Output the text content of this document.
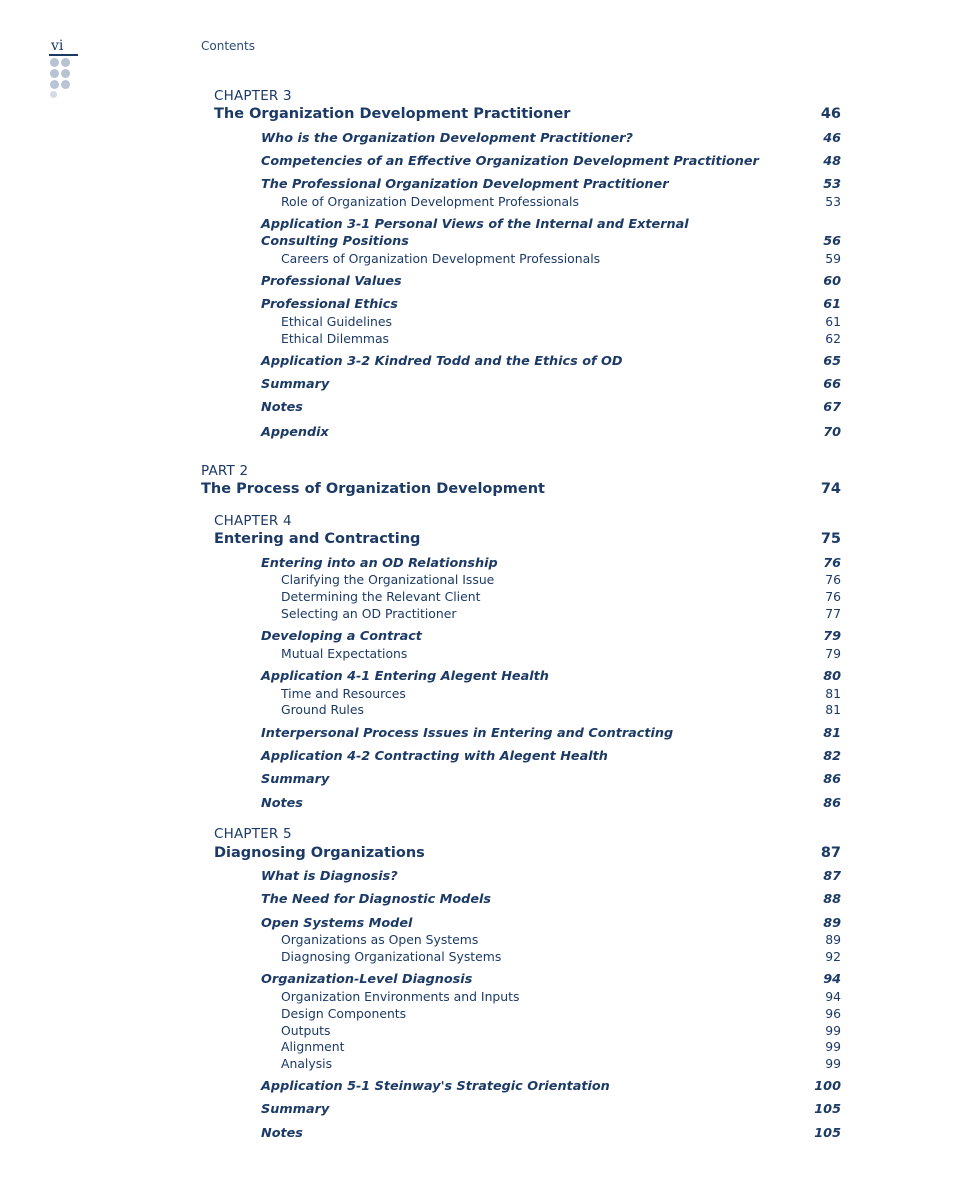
vi	Contents
CHAPTER 3
The Organization Development Practitioner	46
Who is the Organization Development Practitioner?	46
Competencies of an Effective Organization Development Practitioner	48
The Professional Organization Development Practitioner	53
Role of Organization Development Professionals	53
Application 3-1 Personal Views of the Internal and External
Consulting Positions	56
Careers of Organization Development Professionals	59
Professional Values	60
Professional Ethics	61
Ethical Guidelines	61
Ethical Dilemmas	62
Application 3-2 Kindred Todd and the Ethics of OD	65
Summary	66
Notes	67
Appendix	70
PART 2
The Process of Organization Development	74
CHAPTER 4
Entering and Contracting	75
Entering into an OD Relationship	76
Clarifying the Organizational Issue	76
Determining the Relevant Client	76
Selecting an OD Practitioner	77
Developing a Contract	79
Mutual Expectations	79
Application 4-1 Entering Alegent Health	80
Time and Resources	81
Ground Rules	81
Interpersonal Process Issues in Entering and Contracting	81
Application 4-2 Contracting with Alegent Health	82
Summary	86
Notes	86
CHAPTER 5
Diagnosing Organizations	87
What is Diagnosis?	87
The Need for Diagnostic Models	88
Open Systems Model	89
Organizations as Open Systems	89
Diagnosing Organizational Systems	92
Organization-Level Diagnosis	94
Organization Environments and Inputs	94
Design Components	96
Outputs	99
Alignment	99
Analysis	99
Application 5-1 Steinway's Strategic Orientation	100
Summary	105
Notes	105
